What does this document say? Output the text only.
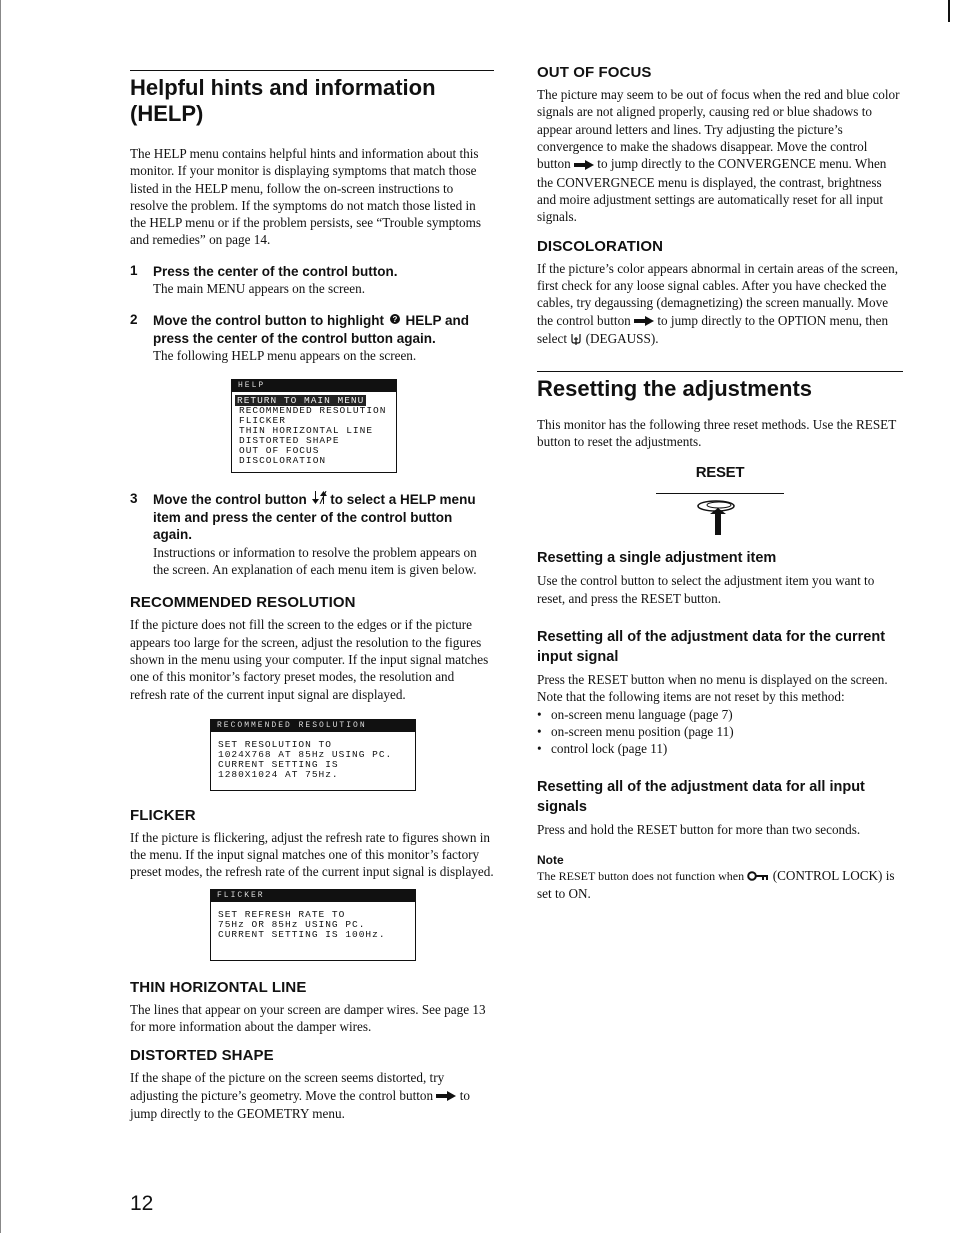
Helpful hints and information (HELP)

The HELP menu contains helpful hints and information about this monitor. If your monitor is displaying symptoms that match those listed in the HELP menu, follow the on-screen instructions to resolve the problem. If the symptoms do not match those listed in the HELP menu or if the problem persists, see “Trouble symptoms and remedies” on page 14.

1 Press the center of the control button.

The main MENU appears on the screen.

2 Move the control button to highlight ? HELP and press the center of the control button again.

The following HELP menu appears on the screen.

HELP
RETURN TO MAIN MENU
RECOMMENDED RESOLUTION
FLICKER
THIN HORIZONTAL LINE
DISTORTED SHAPE
OUT OF FOCUS
DISCOLORATION
3 Move the control button to select a HELP menu item and press the center of the control button again.

Instructions or information to resolve the problem appears on the screen. An explanation of each menu item is given below.

RECOMMENDED RESOLUTION

If the picture does not fill the screen to the edges or if the picture appears too large for the screen, adjust the resolution to the figures shown in the menu using your computer. If the input signal matches one of this monitor’s factory preset modes, the resolution and refresh rate of the current input signal are displayed.

RECOMMENDED RESOLUTION
SET RESOLUTION TO
1024X768 AT 85Hz USING PC.
CURRENT SETTING IS
1280X1024 AT 75Hz.
FLICKER

If the picture is flickering, adjust the refresh rate to figures shown in the menu. If the input signal matches one of this monitor’s factory preset modes, the refresh rate of the current input signal is displayed.

FLICKER
SET REFRESH RATE TO
75Hz OR 85Hz USING PC.
CURRENT SETTING IS 100Hz.
THIN HORIZONTAL LINE

The lines that appear on your screen are damper wires. See page 13 for more information about the damper wires.

DISTORTED SHAPE

If the shape of the picture on the screen seems distorted, try adjusting the picture’s geometry. Move the control button to jump directly to the GEOMETRY menu.

OUT OF FOCUS

The picture may seem to be out of focus when the red and blue color signals are not aligned properly, causing red or blue shadows to appear around letters and lines. Try adjusting the picture’s convergence to make the shadows disappear. Move the control button to jump directly to the CONVERGENCE menu. When the CONVERGNECE menu is displayed, the contrast, brightness and moire adjustment settings are automatically reset for all input signals.

DISCOLORATION

If the picture’s color appears abnormal in certain areas of the screen, first check for any loose signal cables. After you have checked the cables, try degaussing (demagnetizing) the screen manually. Move the control button to jump directly to the OPTION menu, then select (DEGAUSS).

Resetting the adjustments

This monitor has the following three reset methods. Use the RESET button to reset the adjustments.

RESET
Resetting a single adjustment item

Use the control button to select the adjustment item you want to reset, and press the RESET button.

Resetting all of the adjustment data for the current input signal

Press the RESET button when no menu is displayed on the screen. Note that the following items are not reset by this method:

• on-screen menu language (page 7)
• on-screen menu position (page 11)
• control lock (page 11)
Resetting all of the adjustment data for all input signals

Press and hold the RESET button for more than two seconds.

Note

The RESET button does not function when (CONTROL LOCK) is set to ON.

12
